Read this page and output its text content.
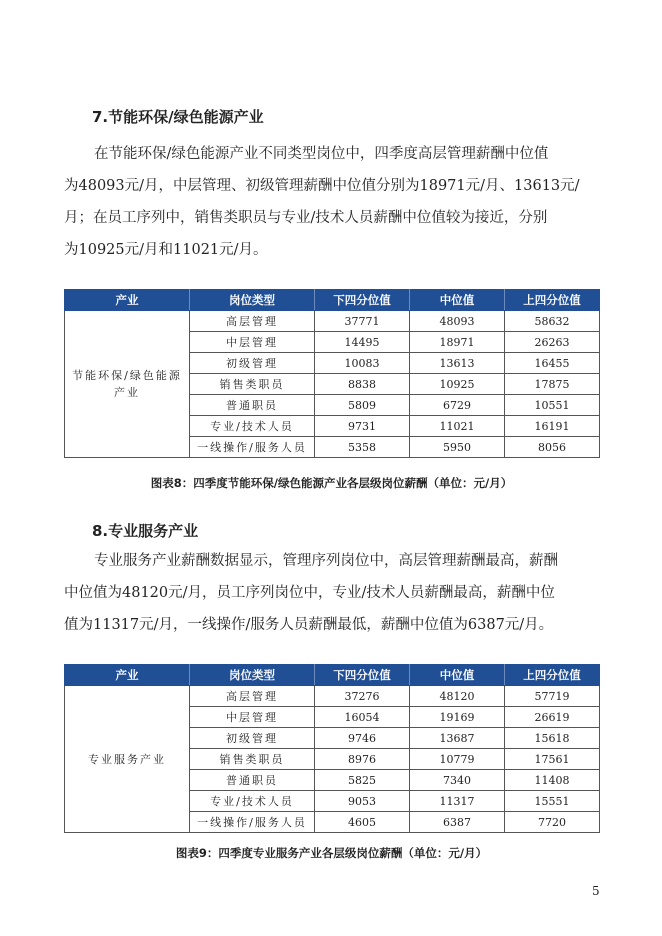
7.节能环保/绿色能源产业
在节能环保/绿色能源产业不同类型岗位中，四季度高层管理薪酬中位值
为48093元/月，中层管理、初级管理薪酬中位值分别为18971元/月、13613元/
月；在员工序列中，销售类职员与专业/技术人员薪酬中位值较为接近，分别
为10925元/月和11021元/月。
产业	岗位类型	下四分位值	中位值	上四分位值
节能环保/绿色能源
产业	高层管理	37771	48093	58632
	中层管理	14495	18971	26263
	初级管理	10083	13613	16455
	销售类职员	8838	10925	17875
	普通职员	5809	6729	10551
	专业/技术人员	9731	11021	16191
	一线操作/服务人员	5358	5950	8056
图表8：四季度节能环保/绿色能源产业各层级岗位薪酬（单位：元/月）
8.专业服务产业
专业服务产业薪酬数据显示，管理序列岗位中，高层管理薪酬最高，薪酬
中位值为48120元/月，员工序列岗位中，专业/技术人员薪酬最高，薪酬中位
值为11317元/月，一线操作/服务人员薪酬最低，薪酬中位值为6387元/月。
产业	岗位类型	下四分位值	中位值	上四分位值
专业服务产业	高层管理	37276	48120	57719
	中层管理	16054	19169	26619
	初级管理	9746	13687	15618
	销售类职员	8976	10779	17561
	普通职员	5825	7340	11408
	专业/技术人员	9053	11317	15551
	一线操作/服务人员	4605	6387	7720
图表9：四季度专业服务产业各层级岗位薪酬（单位：元/月）
5
